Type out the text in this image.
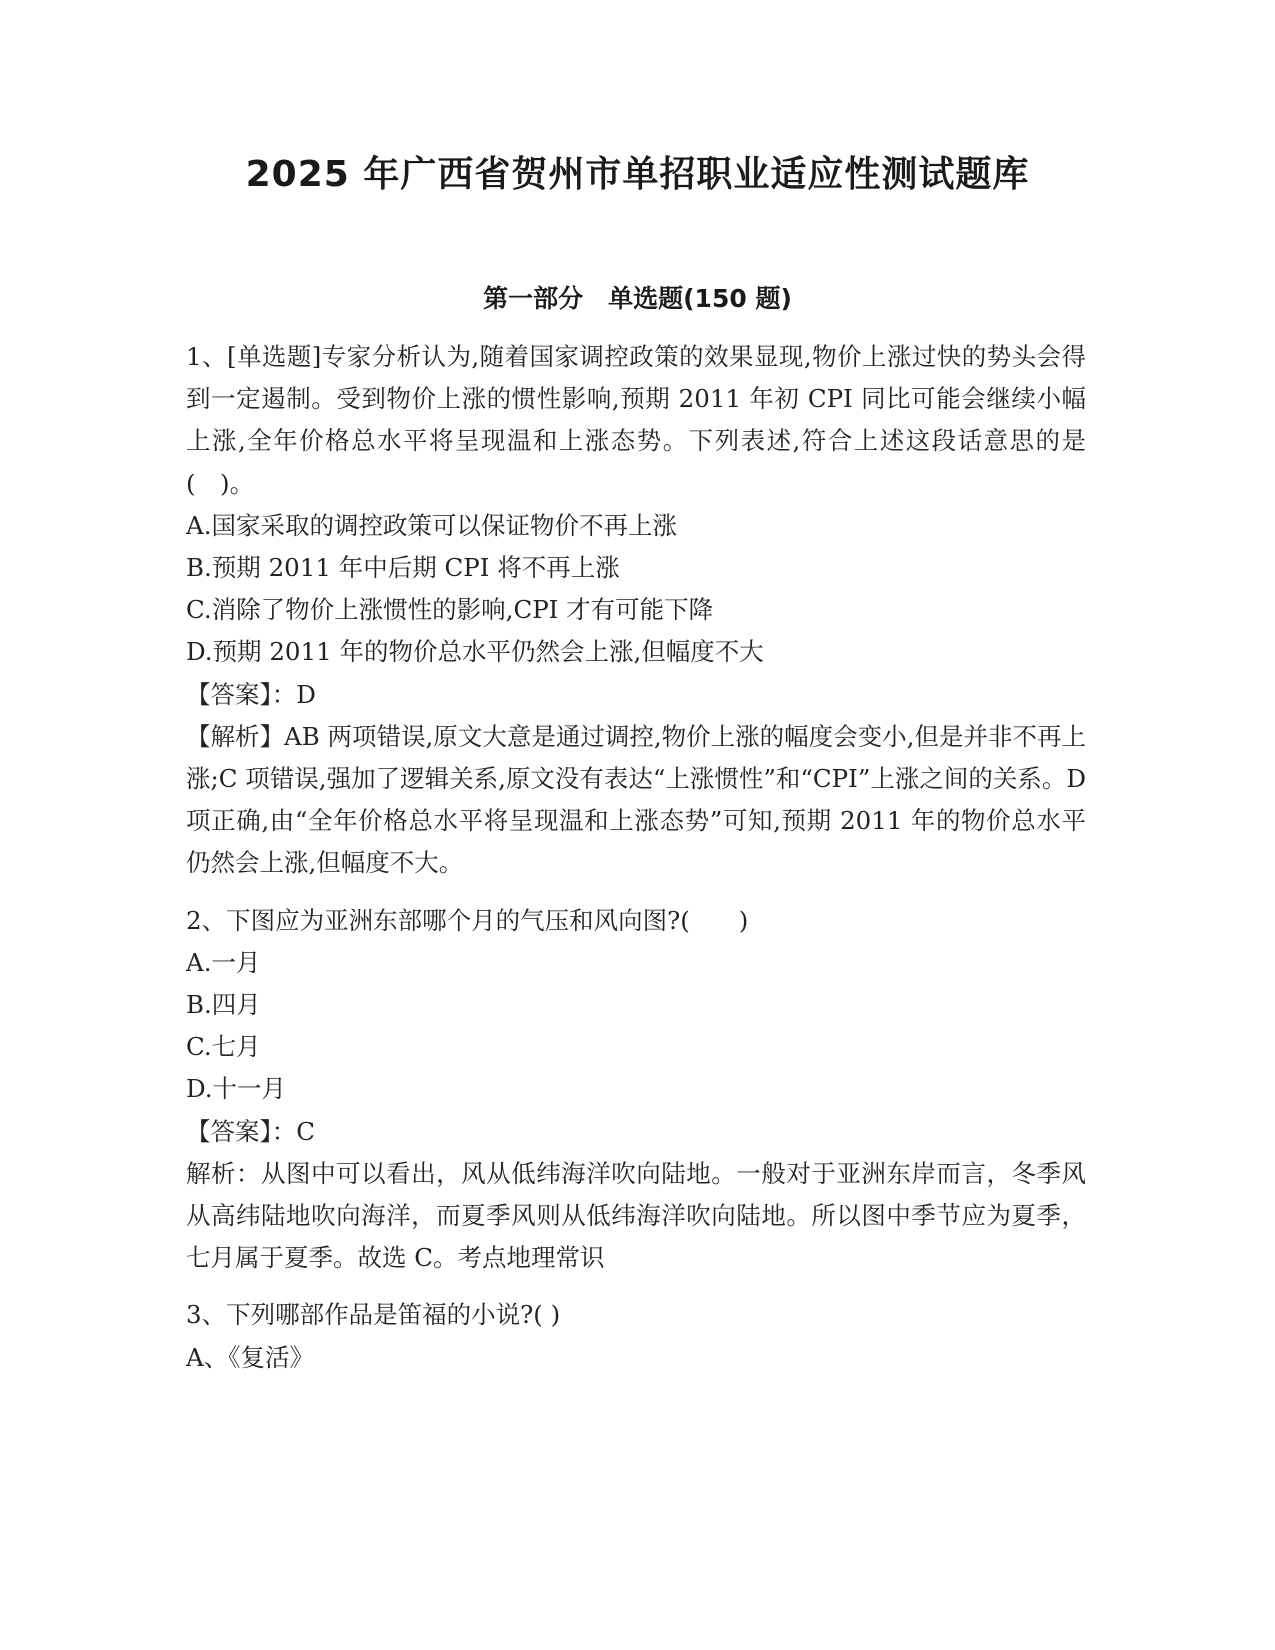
2025 年广西省贺州市单招职业适应性测试题库
第一部分　单选题(150 题)

1、[单选题]专家分析认为,随着国家调控政策的效果显现,物价上涨过快的势头会得到一定遏制。受到物价上涨的惯性影响,预期 2011 年初 CPI 同比可能会继续小幅上涨,全年价格总水平将呈现温和上涨态势。下列表述,符合上述这段话意思的是(　)。

A.国家采取的调控政策可以保证物价不再上涨

B.预期 2011 年中后期 CPI 将不再上涨

C.消除了物价上涨惯性的影响,CPI 才有可能下降

D.预期 2011 年的物价总水平仍然会上涨,但幅度不大

【答案】：D

【解析】AB 两项错误,原文大意是通过调控,物价上涨的幅度会变小,但是并非不再上涨;C 项错误,强加了逻辑关系,原文没有表达“上涨惯性”和“CPI”上涨之间的关系。D 项正确,由“全年价格总水平将呈现温和上涨态势”可知,预期 2011 年的物价总水平仍然会上涨,但幅度不大。

2、下图应为亚洲东部哪个月的气压和风向图?(　　)

A.一月

B.四月

C.七月

D.十一月

【答案】：C

解析：从图中可以看出，风从低纬海洋吹向陆地。一般对于亚洲东岸而言，冬季风从高纬陆地吹向海洋，而夏季风则从低纬海洋吹向陆地。所以图中季节应为夏季，七月属于夏季。故选 C。考点地理常识

3、下列哪部作品是笛福的小说?( )

A、《复活》
